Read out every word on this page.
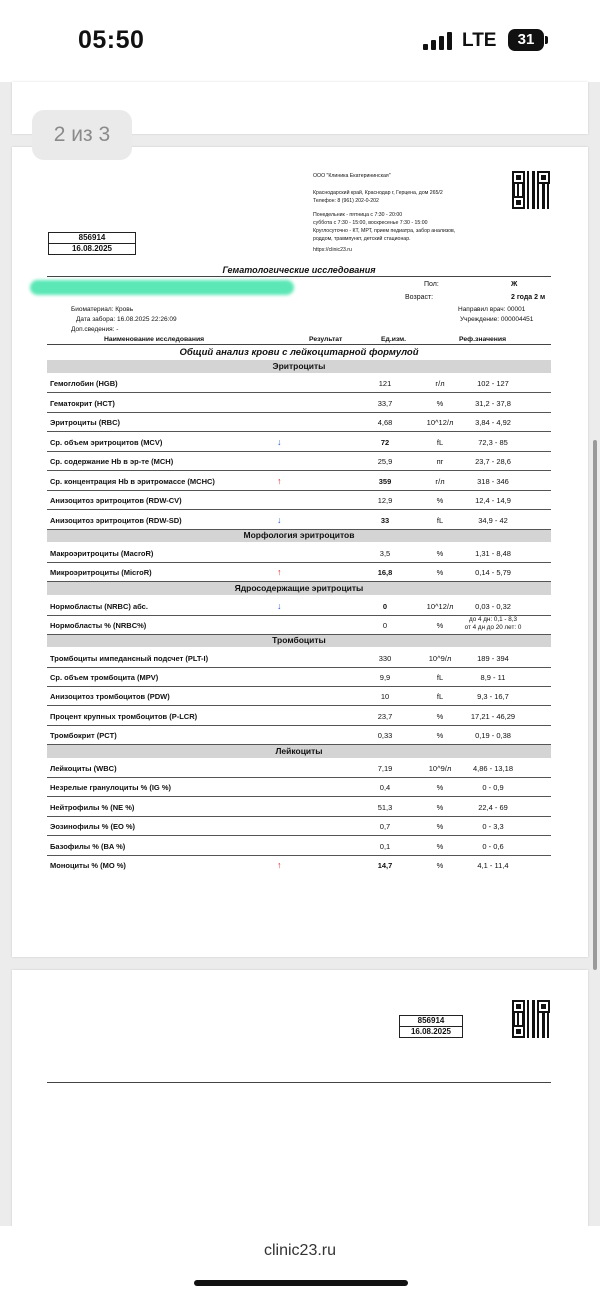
05:50	LTE	31
2 из 3
ООО "Клиника Екатерининская"
Краснодарский край, Краснодар г, Герцена, дом 265/2
Телефон: 8 (961) 202-0-202
Понедельник - пятница с 7:30 - 20:00
суббота с 7:30 - 15:00, воскресенье 7:30 - 15:00
Круглосуточно - КТ, МРТ, прием педиатра, забор анализов,
роддом, травмпункт, детский стационар.
https://clinic23.ru
856914
16.08.2025
Гематологические исследования
Пол:	Ж
Возраст:	2 года 2 м
Биоматериал: Кровь
Дата забора: 16.08.2025 22:26:09
Доп.сведения: -
Направил врач: 00001
Учреждение: 000004451
Наименование исследования	Результат	Ед.изм.	Реф.значения
Общий анализ крови с лейкоцитарной формулой
Эритроциты
Морфология эритроцитов
Ядросодержащие эритроциты
Тромбоциты
Лейкоциты
Гемоглобин (HGB)	121	г/л	102 - 127
Гематокрит (HCT)	33,7	%	31,2 - 37,8
Эритроциты (RBC)	4,68	10^12/л	3,84 - 4,92
Ср. объем эритроцитов (MCV)	↓	72	fL	72,3 - 85
Ср. содержание Hb в эр-те (MCH)	25,9	пг	23,7 - 28,6
Ср. концентрация Hb в эритромассе (MCHC)	↑	359	г/л	318 - 346
Анизоцитоз эритроцитов (RDW-CV)	12,9	%	12,4 - 14,9
Анизоцитоз эритроцитов (RDW-SD)	↓	33	fL	34,9 - 42
Макроэритроциты (MacroR)	3,5	%	1,31 - 8,48
Микроэритроциты (MicroR)	↑	16,8	%	0,14 - 5,79
Нормобласты (NRBC) абс.	↓	0	10^12/л	0,03 - 0,32
Нормобласты % (NRBC%)	0	%
до 4 дн: 0,1 - 8,3
от 4 дн до 20 лет: 0
Тромбоциты импедансный подсчет (PLT-I)	330	10^9/л	189 - 394
Ср. объем тромбоцита (MPV)	9,9	fL	8,9 - 11
Анизоцитоз тромбоцитов (PDW)	10	fL	9,3 - 16,7
Процент крупных тромбоцитов (P-LCR)	23,7	%	17,21 - 46,29
Тромбокрит (PCT)	0,33	%	0,19 - 0,38
Лейкоциты (WBC)	7,19	10^9/л	4,86 - 13,18
Незрелые гранулоциты % (IG %)	0,4	%	0 - 0,9
Нейтрофилы % (NE %)	51,3	%	22,4 - 69
Эозинофилы % (EO %)	0,7	%	0 - 3,3
Базофилы % (BA %)	0,1	%	0 - 0,6
Моноциты % (MO %)	↑	14,7	%	4,1 - 11,4
856914
16.08.2025
clinic23.ru
